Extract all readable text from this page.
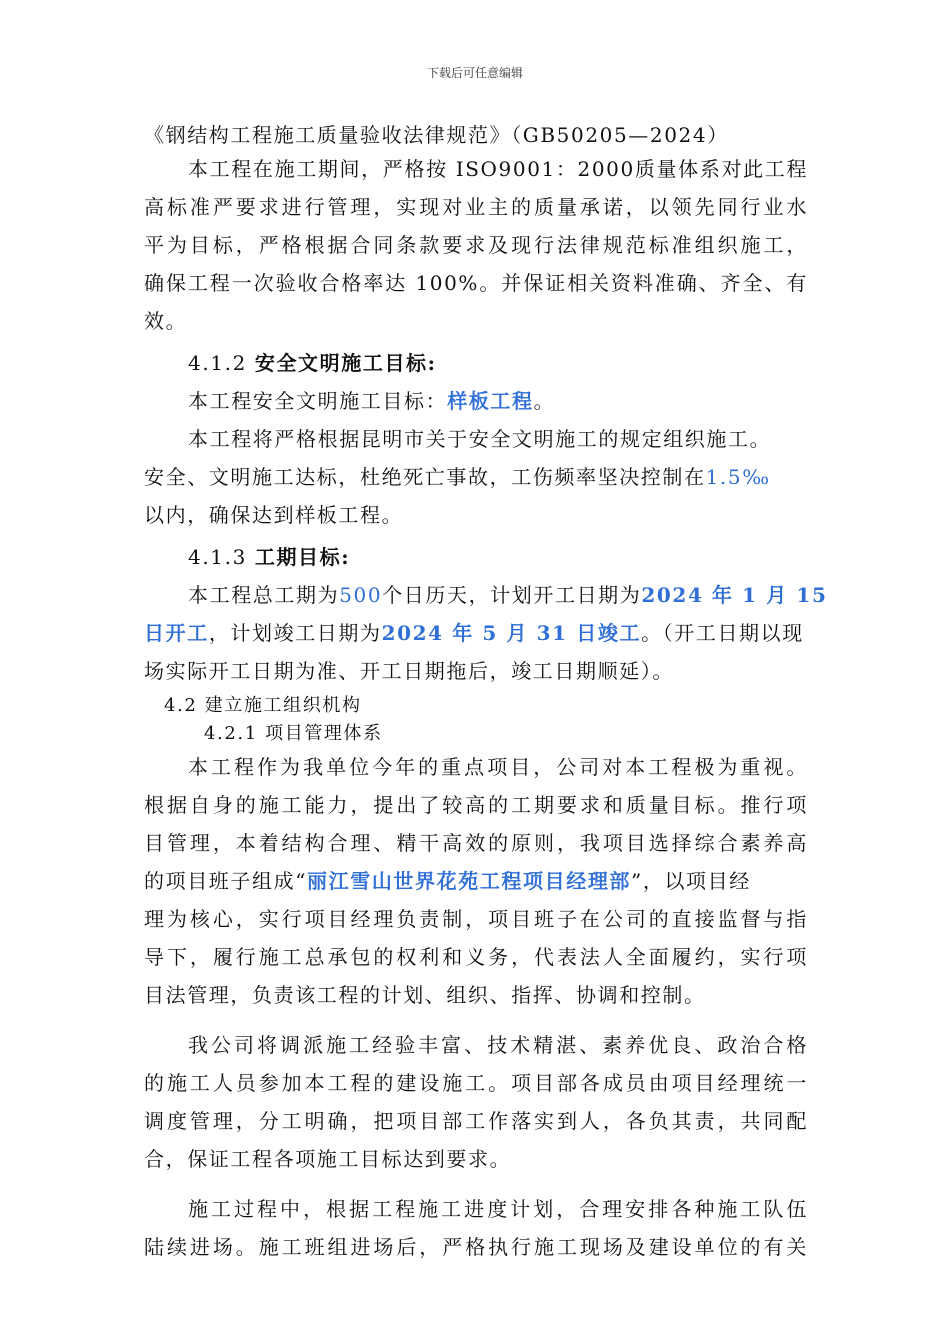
下载后可任意编辑
《钢结构工程施工质量验收法律规范》（GB50205—2024）
本工程在施工期间，严格按 ISO9001：2000质量体系对此工程
高标准严要求进行管理，实现对业主的质量承诺，以领先同行业水
平为目标，严格根据合同条款要求及现行法律规范标准组织施工，
确保工程一次验收合格率达 100%。并保证相关资料准确、齐全、有
效。
4.1.2 安全文明施工目标:
本工程安全文明施工目标：样板工程。
本工程将严格根据昆明市关于安全文明施工的规定组织施工。
安全、文明施工达标，杜绝死亡事故，工伤频率坚决控制在1.5‰
以内，确保达到样板工程。
4.1.3 工期目标:
本工程总工期为500个日历天，计划开工日期为2024 年 1 月 15
日开工，计划竣工日期为2024 年 5 月 31 日竣工。（开工日期以现
场实际开工日期为准、开工日期拖后，竣工日期顺延）。
4.2 建立施工组织机构
4.2.1 项目管理体系
本工程作为我单位今年的重点项目，公司对本工程极为重视。
根据自身的施工能力，提出了较高的工期要求和质量目标。推行项
目管理，本着结构合理、精干高效的原则，我项目选择综合素养高
的项目班子组成“丽江雪山世界花苑工程项目经理部”，以项目经
理为核心，实行项目经理负责制，项目班子在公司的直接监督与指
导下，履行施工总承包的权利和义务，代表法人全面履约，实行项
目法管理，负责该工程的计划、组织、指挥、协调和控制。
我公司将调派施工经验丰富、技术精湛、素养优良、政治合格
的施工人员参加本工程的建设施工。项目部各成员由项目经理统一
调度管理，分工明确，把项目部工作落实到人，各负其责，共同配
合，保证工程各项施工目标达到要求。
施工过程中，根据工程施工进度计划，合理安排各种施工队伍
陆续进场。施工班组进场后，严格执行施工现场及建设单位的有关
